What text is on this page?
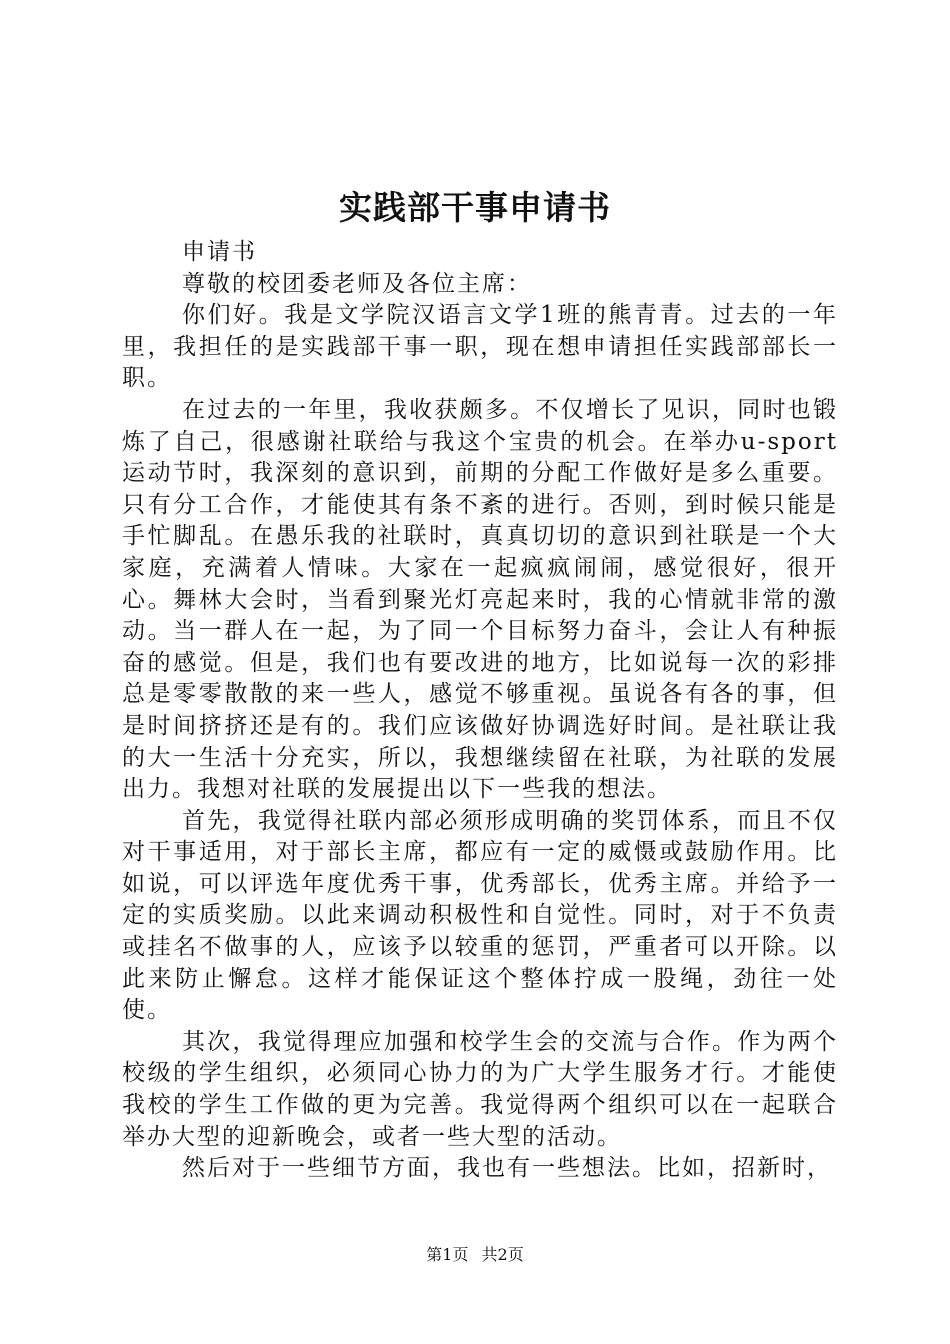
实践部干事申请书

申请书

尊敬的校团委老师及各位主席：

你们好。我是文学院汉语言文学1班的熊青青。过去的一年里，我担任的是实践部干事一职，现在想申请担任实践部部长一职。

在过去的一年里，我收获颇多。不仅增长了见识，同时也锻炼了自己，很感谢社联给与我这个宝贵的机会。在举办u-sport运动节时，我深刻的意识到，前期的分配工作做好是多么重要。只有分工合作，才能使其有条不紊的进行。否则，到时候只能是手忙脚乱。在愚乐我的社联时，真真切切的意识到社联是一个大家庭，充满着人情味。大家在一起疯疯闹闹，感觉很好，很开心。舞林大会时，当看到聚光灯亮起来时，我的心情就非常的激动。当一群人在一起，为了同一个目标努力奋斗，会让人有种振奋的感觉。但是，我们也有要改进的地方，比如说每一次的彩排总是零零散散的来一些人，感觉不够重视。虽说各有各的事，但是时间挤挤还是有的。我们应该做好协调选好时间。是社联让我的大一生活十分充实，所以，我想继续留在社联，为社联的发展出力。我想对社联的发展提出以下一些我的想法。

首先，我觉得社联内部必须形成明确的奖罚体系，而且不仅对干事适用，对于部长主席，都应有一定的威慑或鼓励作用。比如说，可以评选年度优秀干事，优秀部长，优秀主席。并给予一定的实质奖励。以此来调动积极性和自觉性。同时，对于不负责或挂名不做事的人，应该予以较重的惩罚，严重者可以开除。以此来防止懈怠。这样才能保证这个整体拧成一股绳，劲往一处使。

其次，我觉得理应加强和校学生会的交流与合作。作为两个校级的学生组织，必须同心协力的为广大学生服务才行。才能使我校的学生工作做的更为完善。我觉得两个组织可以在一起联合举办大型的迎新晚会，或者一些大型的活动。

然后对于一些细节方面，我也有一些想法。比如，招新时，

第1页 共2页
